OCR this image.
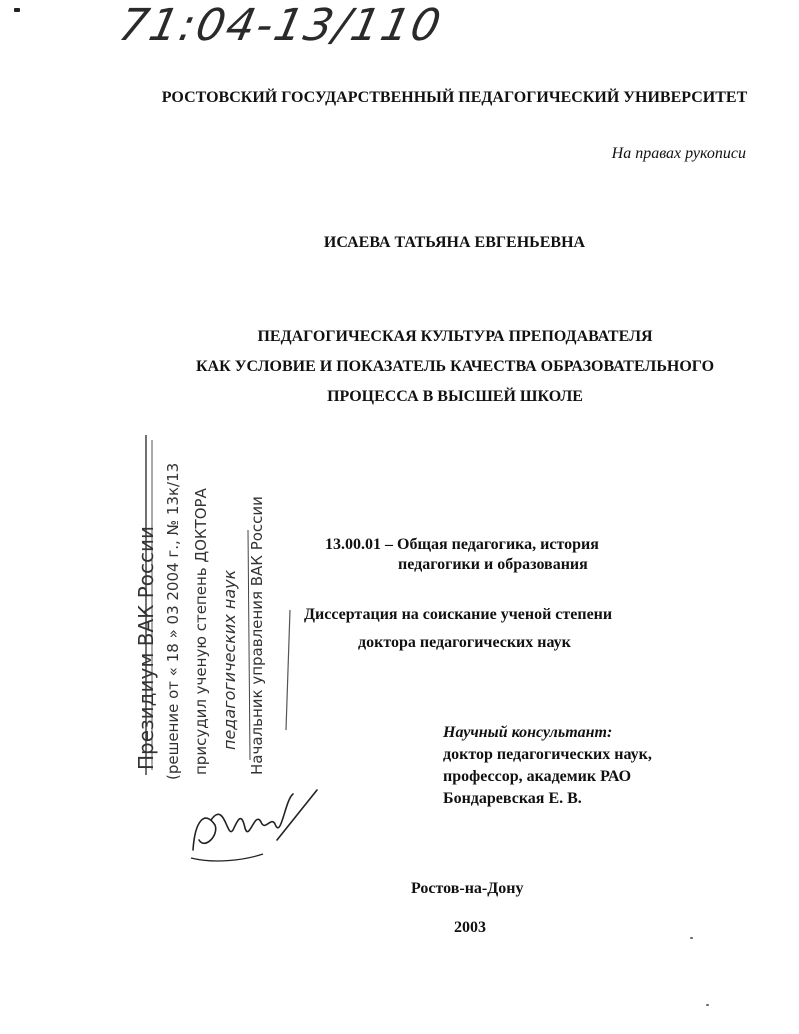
71:04-13/110
РОСТОВСКИЙ ГОСУДАРСТВЕННЫЙ ПЕДАГОГИЧЕСКИЙ УНИВЕРСИТЕТ
На правах рукописи
ИСАЕВА ТАТЬЯНА ЕВГЕНЬЕВНА
ПЕДАГОГИЧЕСКАЯ КУЛЬТУРА ПРЕПОДАВАТЕЛЯ
КАК УСЛОВИЕ И ПОКАЗАТЕЛЬ КАЧЕСТВА ОБРАЗОВАТЕЛЬНОГО
ПРОЦЕССА В ВЫСШЕЙ ШКОЛЕ
Президиум ВАК России (решение от « 18 » 03 2004 г., № 13к/13 присудил ученую степень ДОКТОРА педагогических наук Начальник управления ВАК России	13.00.01 – Общая педагогика, история
педагогики и образования
Диссертация на соискание ученой степени
доктора педагогических наук
Научный консультант:
доктор педагогических наук,
профессор, академик РАО
Бондаревская Е. В.
Ростов-на-Дону
2003
